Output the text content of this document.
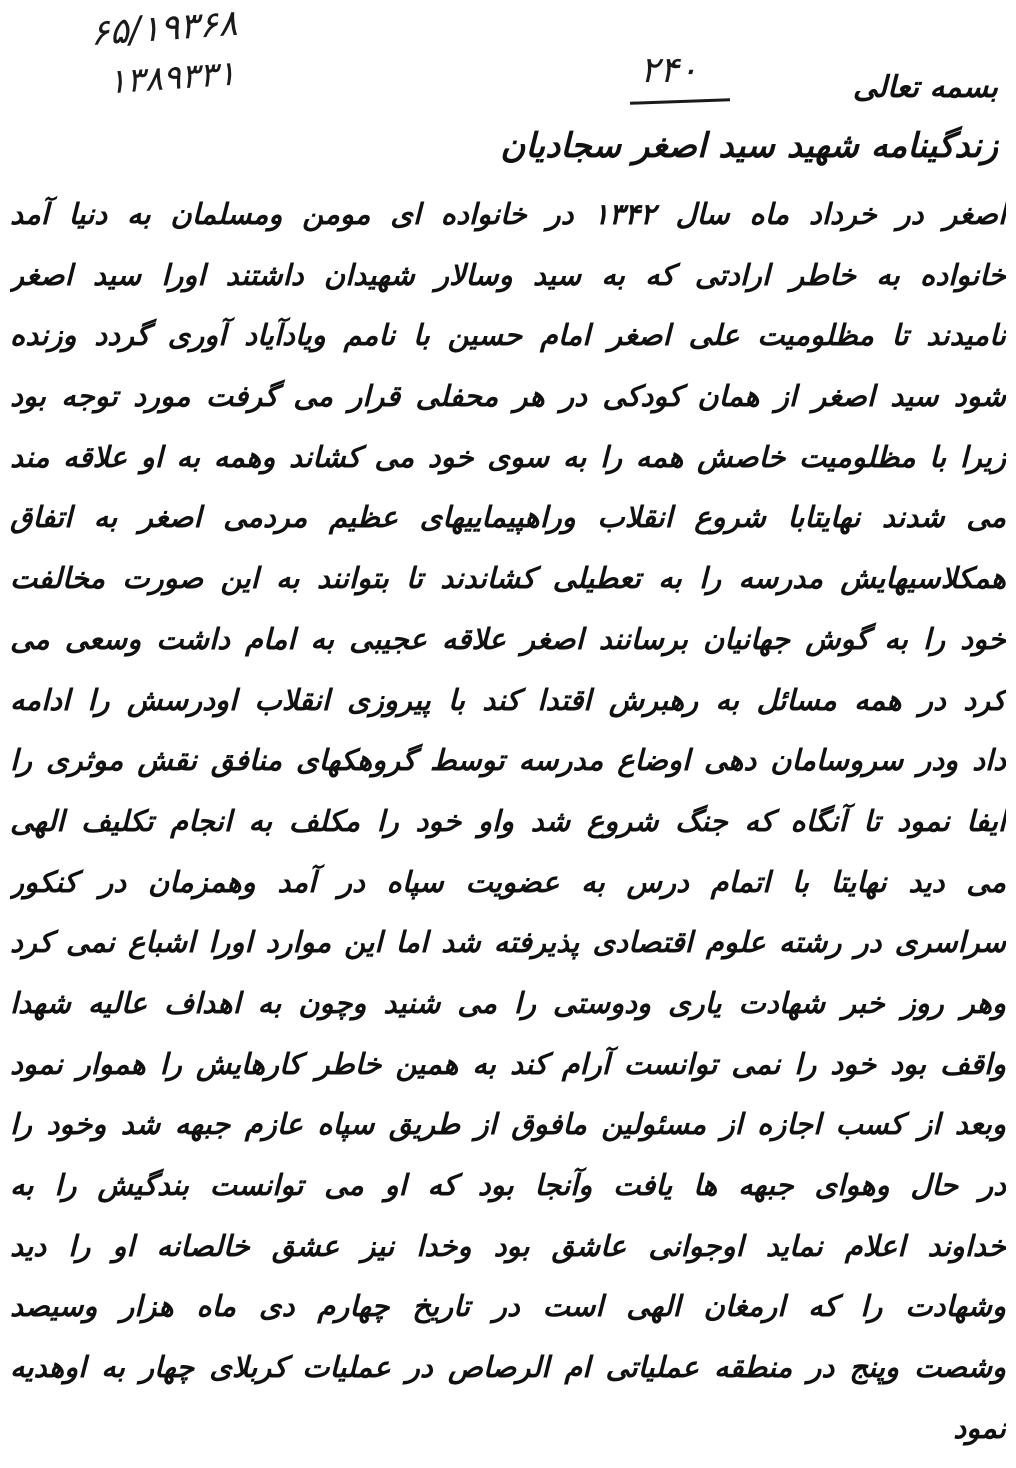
۶۵/۱۹۳۶۸
۱۳۸۹۳۳۱	۲۴۰	بسمه تعالی
زندگینامه شهید سید اصغر سجادیان
اصغر در خرداد ماه سال ۱۳۴۲ در خانواده ای مومن ومسلمان به دنیا آمد
خانواده به خاطر ارادتی که به سید وسالار شهیدان داشتند اورا سید اصغر
نامیدند تا مظلومیت علی اصغر امام حسین با نامم ویادآیاد آوری گردد وزنده
شود سید اصغر از همان کودکی در هر محفلی قرار می گرفت مورد توجه بود
زیرا با مظلومیت خاصش همه را به سوی خود می کشاند وهمه به او علاقه مند
می شدند نهایتابا شروع انقلاب وراهپیماییهای عظیم مردمی اصغر به اتفاق
همکلاسیهایش مدرسه را به تعطیلی کشاندند تا بتوانند به این صورت مخالفت
خود را به گوش جهانیان برسانند اصغر علاقه عجیبی به امام داشت وسعی می
کرد در همه مسائل به رهبرش اقتدا کند با پیروزی انقلاب اودرسش را ادامه
داد ودر سروسامان دهی اوضاع مدرسه توسط گروهکهای منافق نقش موثری را
ایفا نمود تا آنگاه که جنگ شروع شد واو خود را مکلف به انجام تکلیف الهی
می دید نهایتا با اتمام درس به عضویت سپاه در آمد وهمزمان در کنکور
سراسری در رشته علوم اقتصادی پذیرفته شد اما این موارد اورا اشباع نمی کرد
وهر روز خبر شهادت یاری ودوستی را می شنید وچون به اهداف عالیه شهدا
واقف بود خود را نمی توانست آرام کند به همین خاطر کارهایش را هموار نمود
وبعد از کسب اجازه از مسئولین مافوق از طریق سپاه عازم جبهه شد وخود را
در حال وهوای جبهه ها یافت وآنجا بود که او می توانست بندگیش را به
خداوند اعلام نماید اوجوانی عاشق بود وخدا نیز عشق خالصانه او را دید
وشهادت را که ارمغان الهی است در تاریخ چهارم دی ماه هزار وسیصد
وشصت وپنج در منطقه عملیاتی ام الرصاص در عملیات کربلای چهار به اوهدیه
نمود
